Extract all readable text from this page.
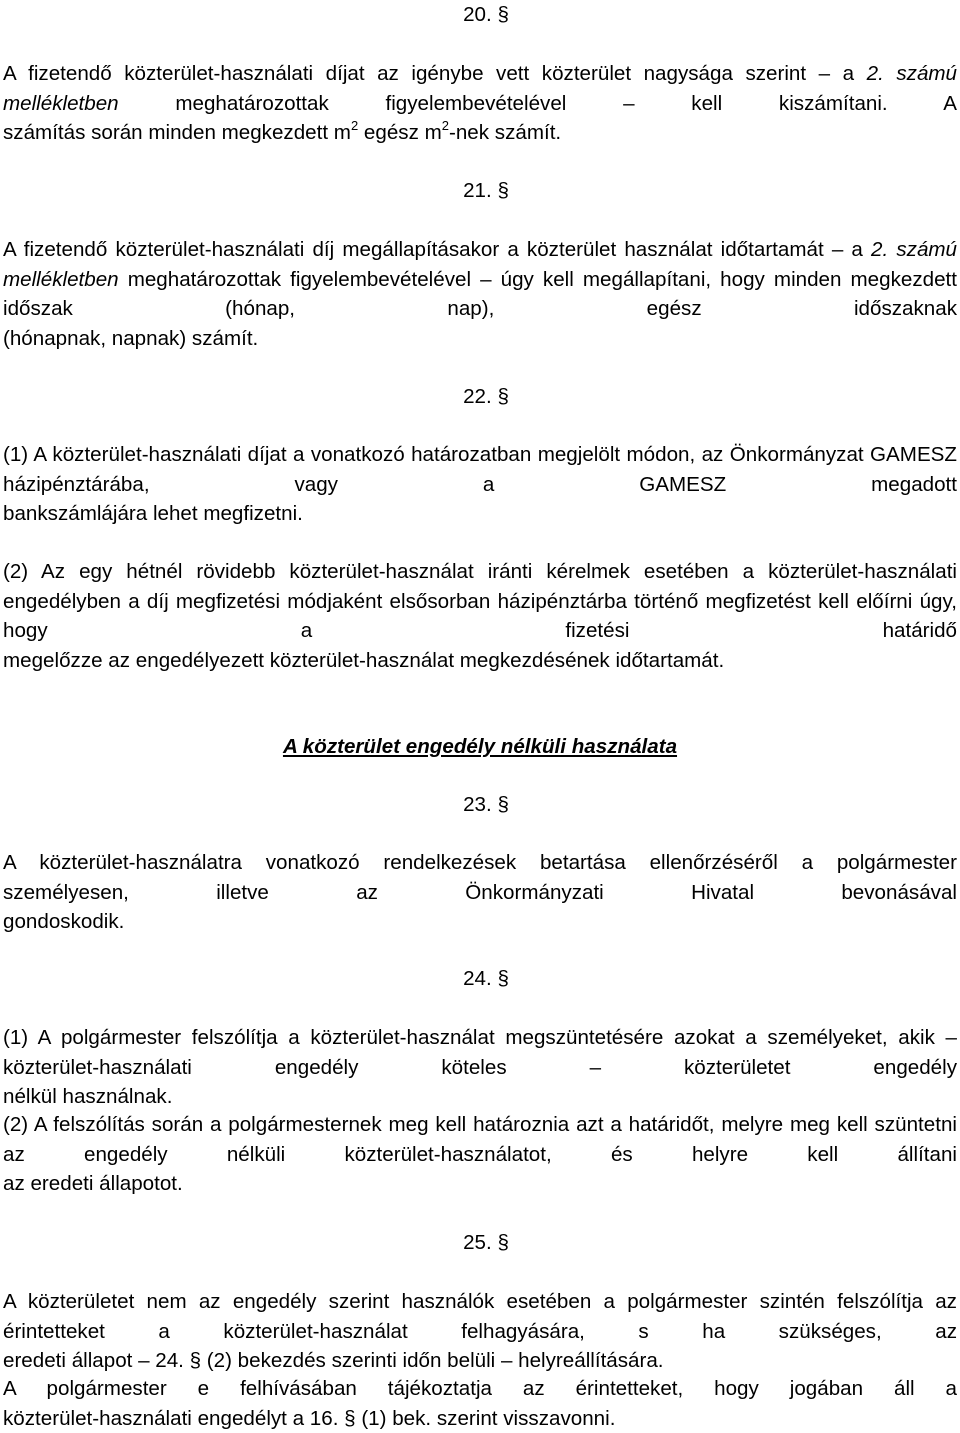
20. §
A fizetendő közterület-használati díjat az igénybe vett közterület nagysága szerint – a 2. számú mellékletben meghatározottak figyelembevételével – kell kiszámítani. A
számítás során minden megkezdett $m^2$ egész $m^2$-nek számít.
21. §
A fizetendő közterület-használati díj megállapításakor a közterület használat időtartamát – a 2. számú mellékletben meghatározottak figyelembevételével – úgy kell megállapítani, hogy minden megkezdett időszak (hónap, nap), egész időszaknak
(hónapnak, napnak) számít.
22. §
(1) A közterület-használati díjat a vonatkozó határozatban megjelölt módon, az Önkormányzat GAMESZ házipénztárába, vagy a GAMESZ megadott
bankszámlájára lehet megfizetni.
(2) Az egy hétnél rövidebb közterület-használat iránti kérelmek esetében a közterület-használati engedélyben a díj megfizetési módjaként elsősorban házipénztárba történő megfizetést kell előírni úgy, hogy a fizetési határidő
megelőzze az engedélyezett közterület-használat megkezdésének időtartamát.
A közterület engedély nélküli használata
23. §
A közterület-használatra vonatkozó rendelkezések betartása ellenőrzéséről a polgármester személyesen, illetve az Önkormányzati Hivatal bevonásával
gondoskodik.
24. §
(1) A polgármester felszólítja a közterület-használat megszüntetésére azokat a személyeket, akik – közterület-használati engedély köteles – közterületet engedély
nélkül használnak.
(2) A felszólítás során a polgármesternek meg kell határoznia azt a határidőt, melyre meg kell szüntetni az engedély nélküli közterület-használatot, és helyre kell állítani
az eredeti állapotot.
25. §
A közterületet nem az engedély szerint használók esetében a polgármester szintén felszólítja az érintetteket a közterület-használat felhagyására, s ha szükséges, az
eredeti állapot – 24. § (2) bekezdés szerinti időn belüli – helyreállítására.
A polgármester e felhívásában tájékoztatja az érintetteket, hogy jogában áll a
közterület-használati engedélyt a 16. § (1) bek. szerint visszavonni.
